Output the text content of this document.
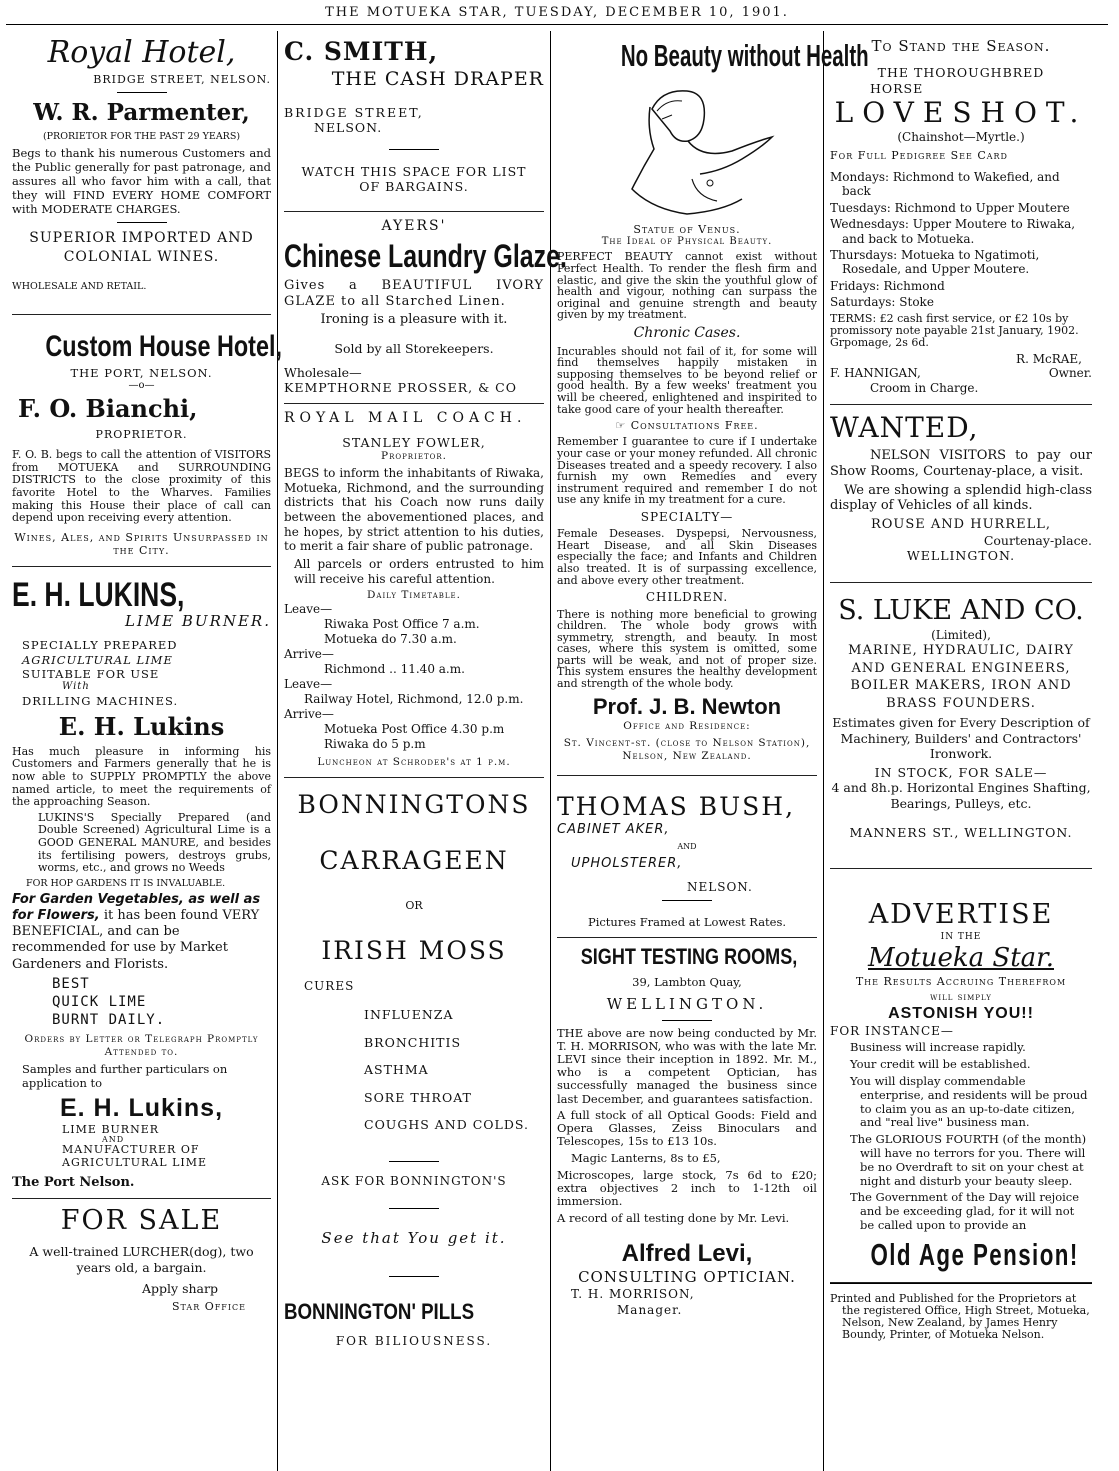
THE MOTUEKA STAR, TUESDAY, DECEMBER 10, 1901.
Royal Hotel,
BRIDGE STREET, NELSON.
W. R. Parmenter,
(PRORIETOR FOR THE PAST 29 YEARS)

Begs to thank his numerous Customers and the Public generally for past patronage, and assures all who favor him with a call, that they will FIND EVERY HOME COMFORT with MODERATE CHARGES.

SUPERIOR IMPORTED AND COLONIAL WINES.
WHOLESALE AND RETAIL.
Custom House Hotel,
THE PORT, NELSON.
—o—
F. O. Bianchi,
PROPRIETOR.

F. O. B. begs to call the attention of VISITORS from MOTUEKA and SURROUNDING DISTRICTS to the close proximity of this favorite Hotel to the Wharves. Families making this House their place of call can depend upon receiving every attention.

Wines, Ales, and Spirits Unsurpassed in the City.
E. H. LUKINS,
LIME BURNER.
SPECIALLY PREPARED
AGRICULTURAL LIME
SUITABLE FOR USE
With
DRILLING MACHINES.
E. H. Lukins

Has much pleasure in informing his Customers and Farmers generally that he is now able to SUPPLY PROMPTLY the above named article, to meet the requirements of the approaching Season.

LUKINS'S Specially Prepared (and Double Screened) Agricultural Lime is a GOOD GENERAL MANURE, and besides its fertilising powers, destroys grubs, worms, etc., and grows no Weeds

FOR HOP GARDENS IT IS INVALUABLE.

For Garden Vegetables, as well as for Flowers, it has been found VERY BENEFICIAL, and can be recommended for use by Market Gardeners and Florists.

BEST
QUICK LIME
BURNT DAILY.
Orders by Letter or Telegraph Promptly Attended to.

Samples and further particulars on application to

E. H. Lukins,
LIME BURNER
AND
MANUFACTURER OF
AGRICULTURAL LIME
The Port Nelson.
FOR SALE

A well-trained LURCHER(dog), two years old, a bargain.

Apply sharp
Star Office
C. SMITH,
THE CASH DRAPER
BRIDGE STREET,
NELSON.
WATCH THIS SPACE FOR LIST OF BARGAINS.
AYERS'
Chinese Laundry Glaze.

Gives a BEAUTIFUL IVORY GLAZE to all Starched Linen.

Ironing is a pleasure with it.
Sold by all Storekeepers.
Wholesale—
KEMPTHORNE PROSSER, & CO
ROYAL MAIL COACH.
STANLEY FOWLER,
Proprietor.

BEGS to inform the inhabitants of Riwaka, Motueka, Richmond, and the surrounding districts that his Coach now runs daily between the abovementioned places, and he hopes, by strict attention to his duties, to merit a fair share of public patronage.

All parcels or orders entrusted to him will receive his careful attention.

Daily Timetable.
Leave—
Riwaka Post Office 7 a.m.
Motueka do 7.30 a.m.
Arrive—
Richmond .. 11.40 a.m.
Leave—
Railway Hotel, Richmond, 12.0 p.m.
Arrive—
Motueka Post Office 4.30 p.m
Riwaka do 5 p.m
Luncheon at Schroder's at 1 p.m.
BONNINGTONS
CARRAGEEN
OR
IRISH MOSS
CURES
INFLUENZA
BRONCHITIS
ASTHMA
SORE THROAT
COUGHS AND COLDS.
ASK FOR BONNINGTON'S
See that You get it.
BONNINGTON' PILLS
FOR BILIOUSNESS.
No Beauty without Health
Statue of Venus.
The Ideal of Physical Beauty.

PERFECT BEAUTY cannot exist without Perfect Health. To render the flesh firm and elastic, and give the skin the youthful glow of health and vigour, nothing can surpass the original and genuine strength and beauty given by my treatment.

Chronic Cases.

Incurables should not fail of it, for some will find themselves happily mistaken in supposing themselves to be beyond relief or good health. By a few weeks' treatment you will be cheered, enlightened and inspirited to take good care of your health thereafter.

☞ Consultations Free.

Remember I guarantee to cure if I undertake your case or your money refunded. All chronic Diseases treated and a speedy recovery. I also furnish my own Remedies and every instrument required and remember I do not use any knife in my treatment for a cure.

SPECIALTY—

Female Deseases. Dyspepsi, Nervousness, Heart Disease, and all Skin Diseases especially the face; and Infants and Children also treated. It is of surpassing excellence, and above every other treatment.

CHILDREN.

There is nothing more beneficial to growing children. The whole body grows with symmetry, strength, and beauty. In most cases, where this system is omitted, some parts will be weak, and not of proper size. This system ensures the healthy development and strength of the whole body.

Prof. J. B. Newton
Office and Residence:
St. Vincent-st. (close to Nelson Station), Nelson, New Zealand.
THOMAS BUSH,
CABINET AKER,
AND
UPHOLSTERER,
NELSON.
Pictures Framed at Lowest Rates.
SIGHT TESTING ROOMS,
39, Lambton Quay,
WELLINGTON.

THE above are now being conducted by Mr. T. H. MORRISON, who was with the late Mr. LEVI since their inception in 1892. Mr. M., who is a competent Optician, has successfully managed the business since last December, and guarantees satisfaction.

A full stock of all Optical Goods: Field and Opera Glasses, Zeiss Binoculars and Telescopes, 15s to £13 10s.

Magic Lanterns, 8s to £5,

Microscopes, large stock, 7s 6d to £20; extra objectives 2 inch to 1-12th oil immersion.

A record of all testing done by Mr. Levi.

Alfred Levi,
CONSULTING OPTICIAN.
T. H. MORRISON,
Manager.
To Stand the Season.
THE THOROUGHBRED
HORSE
LOVESHOT.
(Chainshot—Myrtle.)
For Full Pedigree See Card
Mondays: Richmond to Wakefied, and back
Tuesdays: Richmond to Upper Moutere
Wednesdays: Upper Moutere to Riwaka, and back to Motueka.
Thursdays: Motueka to Ngatimoti, Rosedale, and Upper Moutere.
Fridays: Richmond
Saturdays: Stoke

TERMS: £2 cash first service, or £2 10s by promissory note payable 21st January, 1902. Grpomage, 2s 6d.

R. McRAE,
F. HANNIGAN,	Owner.
Croom in Charge.
WANTED,

NELSON VISITORS to pay our Show Rooms, Courtenay-place, a visit.

We are showing a splendid high-class display of Vehicles of all kinds.

ROUSE AND HURRELL,
Courtenay-place.
WELLINGTON.
S. LUKE AND CO.
(Limited),
MARINE, HYDRAULIC, DAIRY AND GENERAL ENGINEERS, BOILER MAKERS, IRON AND BRASS FOUNDERS.

Estimates given for Every Description of Machinery, Builders' and Contractors' Ironwork.

IN STOCK, FOR SALE—
4 and 8h.p. Horizontal Engines Shafting, Bearings, Pulleys, etc.
MANNERS ST., WELLINGTON.
ADVERTISE
IN THE
Motueka Star.
The Results Accruing Therefrom
will simply
ASTONISH YOU!!
FOR INSTANCE—
Business will increase rapidly.
Your credit will be established.
You will display commendable enterprise, and residents will be proud to claim you as an up-to-date citizen, and "real live" business man.
The GLORIOUS FOURTH (of the month) will have no terrors for you. There will be no Overdraft to sit on your chest at night and disturb your beauty sleep.
The Government of the Day will rejoice and be exceeding glad, for it will not be called upon to provide an
Old Age Pension!

Printed and Published for the Proprietors at the registered Office, High Street, Motueka, Nelson, New Zealand, by James Henry Boundy, Printer, of Motueka Nelson.
